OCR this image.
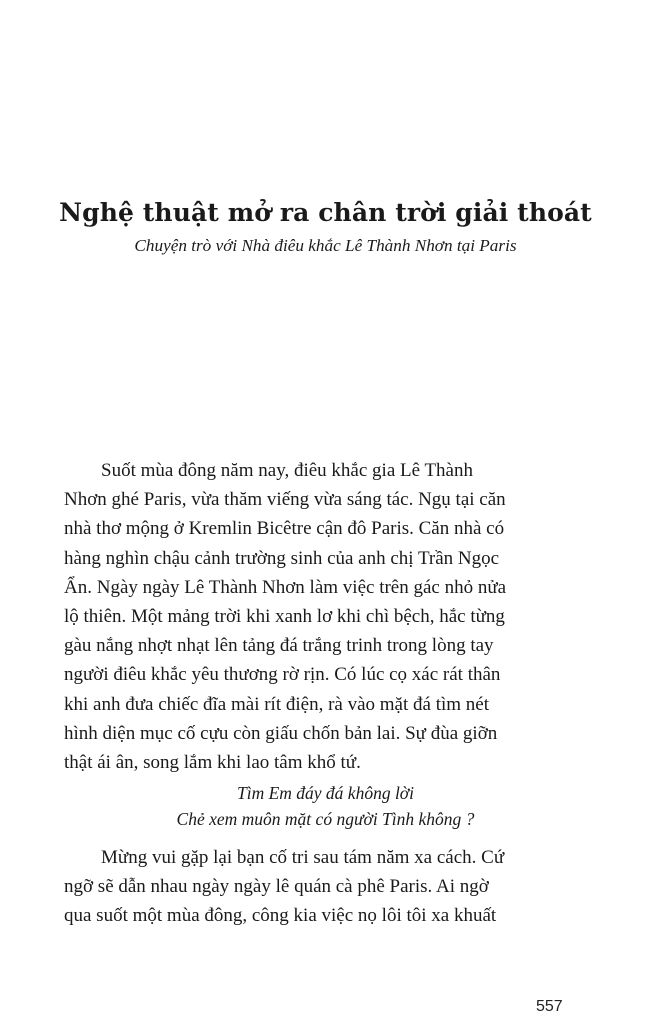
Nghệ thuật mở ra chân trời giải thoát
Chuyện trò với Nhà điêu khắc Lê Thành Nhơn tại Paris
Suốt mùa đông năm nay, điêu khắc gia Lê Thành
Nhơn ghé Paris, vừa thăm viếng vừa sáng tác. Ngụ tại căn
nhà thơ mộng ở Kremlin Bicêtre cận đô Paris. Căn nhà có
hàng nghìn chậu cảnh trường sinh của anh chị Trần Ngọc
Ẩn. Ngày ngày Lê Thành Nhơn làm việc trên gác nhỏ nửa
lộ thiên. Một mảng trời khi xanh lơ khi chì bệch, hắc từng
gàu nắng nhợt nhạt lên tảng đá trắng trinh trong lòng tay
người điêu khắc yêu thương rờ rịn. Có lúc cọ xác rát thân
khi anh đưa chiếc đĩa mài rít điện, rà vào mặt đá tìm nét
hình diện mục cố cựu còn giấu chốn bản lai. Sự đùa giỡn
thật ái ân, song lắm khi lao tâm khổ tứ.
Tìm Em đáy đá không lời
Chẻ xem muôn mặt có người Tình không ?
Mừng vui gặp lại bạn cố tri sau tám năm xa cách. Cứ
ngỡ sẽ dẫn nhau ngày ngày lê quán cà phê Paris. Ai ngờ
qua suốt một mùa đông, công kia việc nọ lôi tôi xa khuất
557
